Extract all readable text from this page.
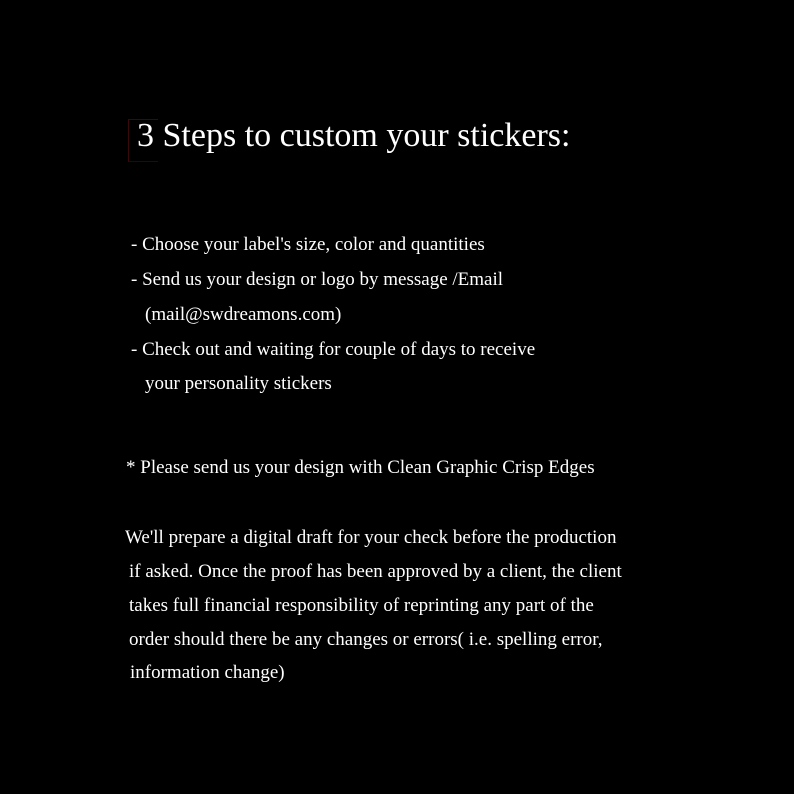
3 Steps to custom your stickers:
- Choose your label's size, color and quantities
- Send us your design or logo by message /Email
(mail@swdreamons.com)
- Check out and waiting for couple of days to receive
your personality stickers
* Please send us your design with Clean Graphic Crisp Edges
We'll prepare a digital draft for your check before the production
if asked. Once the proof has been approved by a client, the client
takes full financial responsibility of reprinting any part of the
order should there be any changes or errors( i.e. spelling error,
information change)
